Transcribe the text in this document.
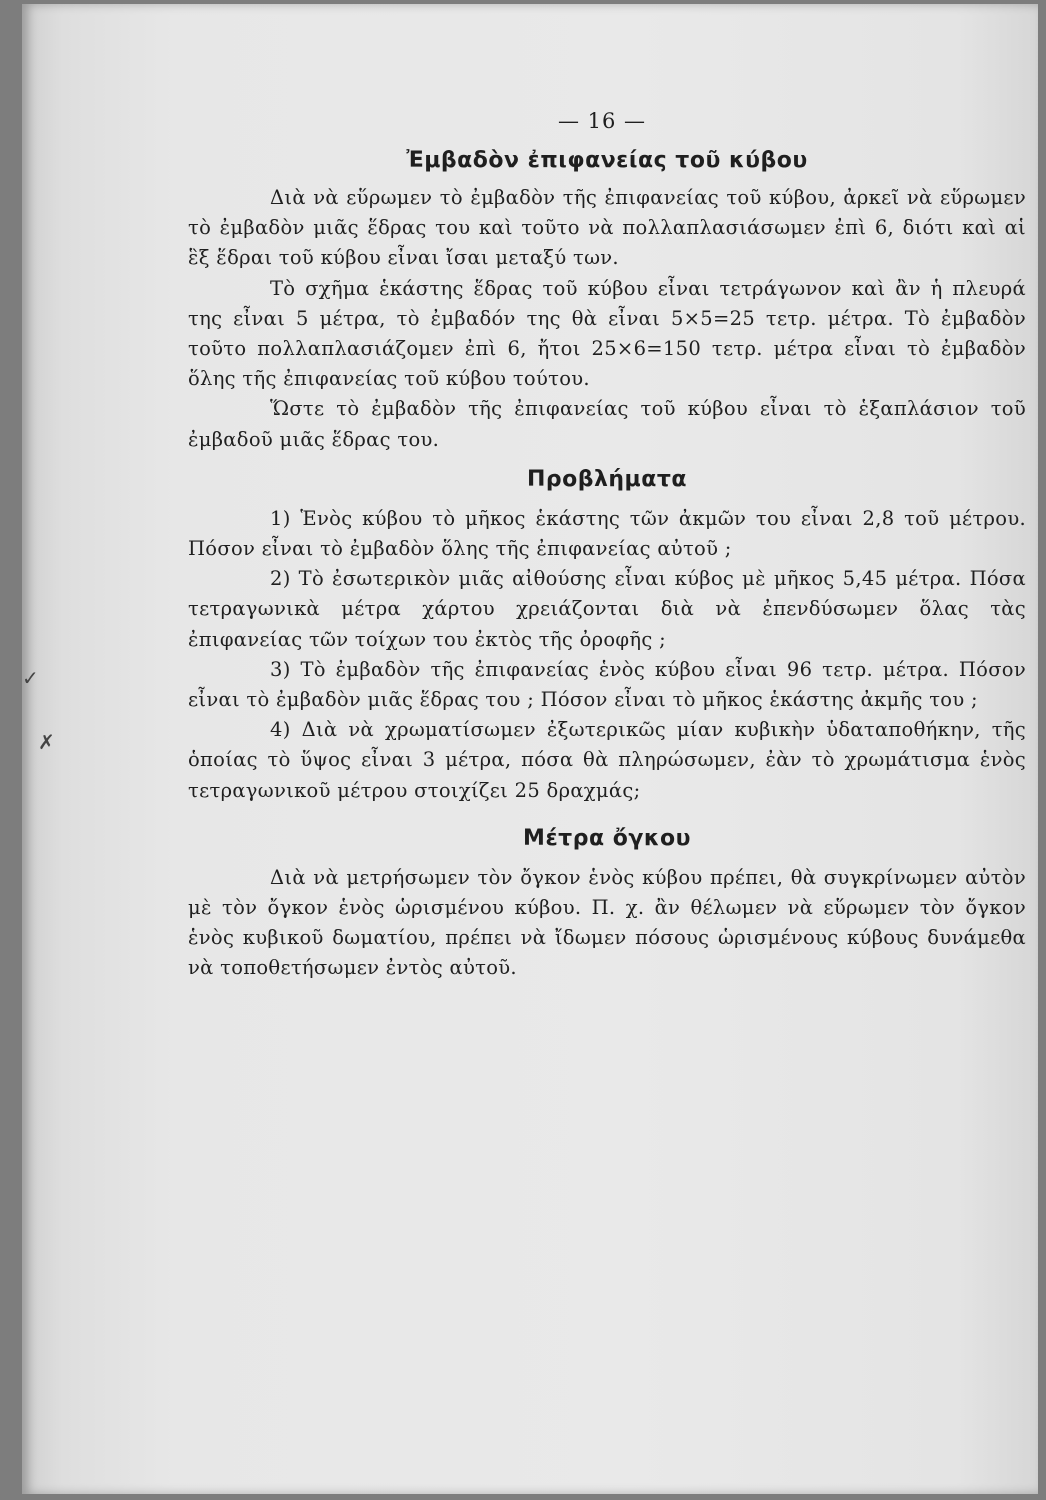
✓
✗
— 16 —
Ἐμβαδὸν ἐπιφανείας τοῦ κύβου

Διὰ νὰ εὕρωμεν τὸ ἐμβαδὸν τῆς ἐπιφανείας τοῦ κύβου, ἀρκεῖ νὰ εὕρωμεν τὸ ἐμβαδὸν μιᾶς ἕδρας του καὶ τοῦτο νὰ πολλαπλασιάσωμεν ἐπὶ 6, διότι καὶ αἱ ἓξ ἕδραι τοῦ κύβου εἶναι ἴσαι μεταξύ των.

Τὸ σχῆμα ἑκάστης ἕδρας τοῦ κύβου εἶναι τετράγωνον καὶ ἂν ἡ πλευρά της εἶναι 5 μέτρα, τὸ ἐμβαδόν της θὰ εἶναι 5×5=25 τετρ. μέτρα. Τὸ ἐμβαδὸν τοῦτο πολλαπλασιάζομεν ἐπὶ 6, ἤτοι 25×6=150 τετρ. μέτρα εἶναι τὸ ἐμβαδὸν ὅλης τῆς ἐπιφανείας τοῦ κύβου τούτου.

Ὥστε τὸ ἐμβαδὸν τῆς ἐπιφανείας τοῦ κύβου εἶναι τὸ ἑξαπλάσιον τοῦ ἐμβαδοῦ μιᾶς ἕδρας του.

Προβλήματα

1) Ἑνὸς κύβου τὸ μῆκος ἑκάστης τῶν ἀκμῶν του εἶναι 2,8 τοῦ μέτρου. Πόσον εἶναι τὸ ἐμβαδὸν ὅλης τῆς ἐπιφανείας αὐτοῦ ;

2) Τὸ ἐσωτερικὸν μιᾶς αἰθούσης εἶναι κύβος μὲ μῆκος 5,45 μέτρα. Πόσα τετραγωνικὰ μέτρα χάρτου χρειάζονται διὰ νὰ ἐπενδύσωμεν ὅλας τὰς ἐπιφανείας τῶν τοίχων του ἐκτὸς τῆς ὀροφῆς ;

3) Τὸ ἐμβαδὸν τῆς ἐπιφανείας ἑνὸς κύβου εἶναι 96 τετρ. μέτρα. Πόσον εἶναι τὸ ἐμβαδὸν μιᾶς ἕδρας του ; Πόσον εἶναι τὸ μῆκος ἑκάστης ἀκμῆς του ;

4) Διὰ νὰ χρωματίσωμεν ἐξωτερικῶς μίαν κυβικὴν ὑδαταποθήκην, τῆς ὁποίας τὸ ὕψος εἶναι 3 μέτρα, πόσα θὰ πληρώσωμεν, ἐὰν τὸ χρωμάτισμα ἑνὸς τετραγωνικοῦ μέτρου στοιχίζει 25 δραχμάς;

Μέτρα ὄγκου

Διὰ νὰ μετρήσωμεν τὸν ὄγκον ἑνὸς κύβου πρέπει, θὰ συγκρίνωμεν αὐτὸν μὲ τὸν ὄγκον ἑνὸς ὡρισμένου κύβου. Π. χ. ἂν θέλωμεν νὰ εὕρωμεν τὸν ὄγκον ἑνὸς κυβικοῦ δωματίου, πρέπει νὰ ἴδωμεν πόσους ὡρισμένους κύβους δυνάμεθα νὰ τοποθετήσωμεν ἐντὸς αὐτοῦ.
